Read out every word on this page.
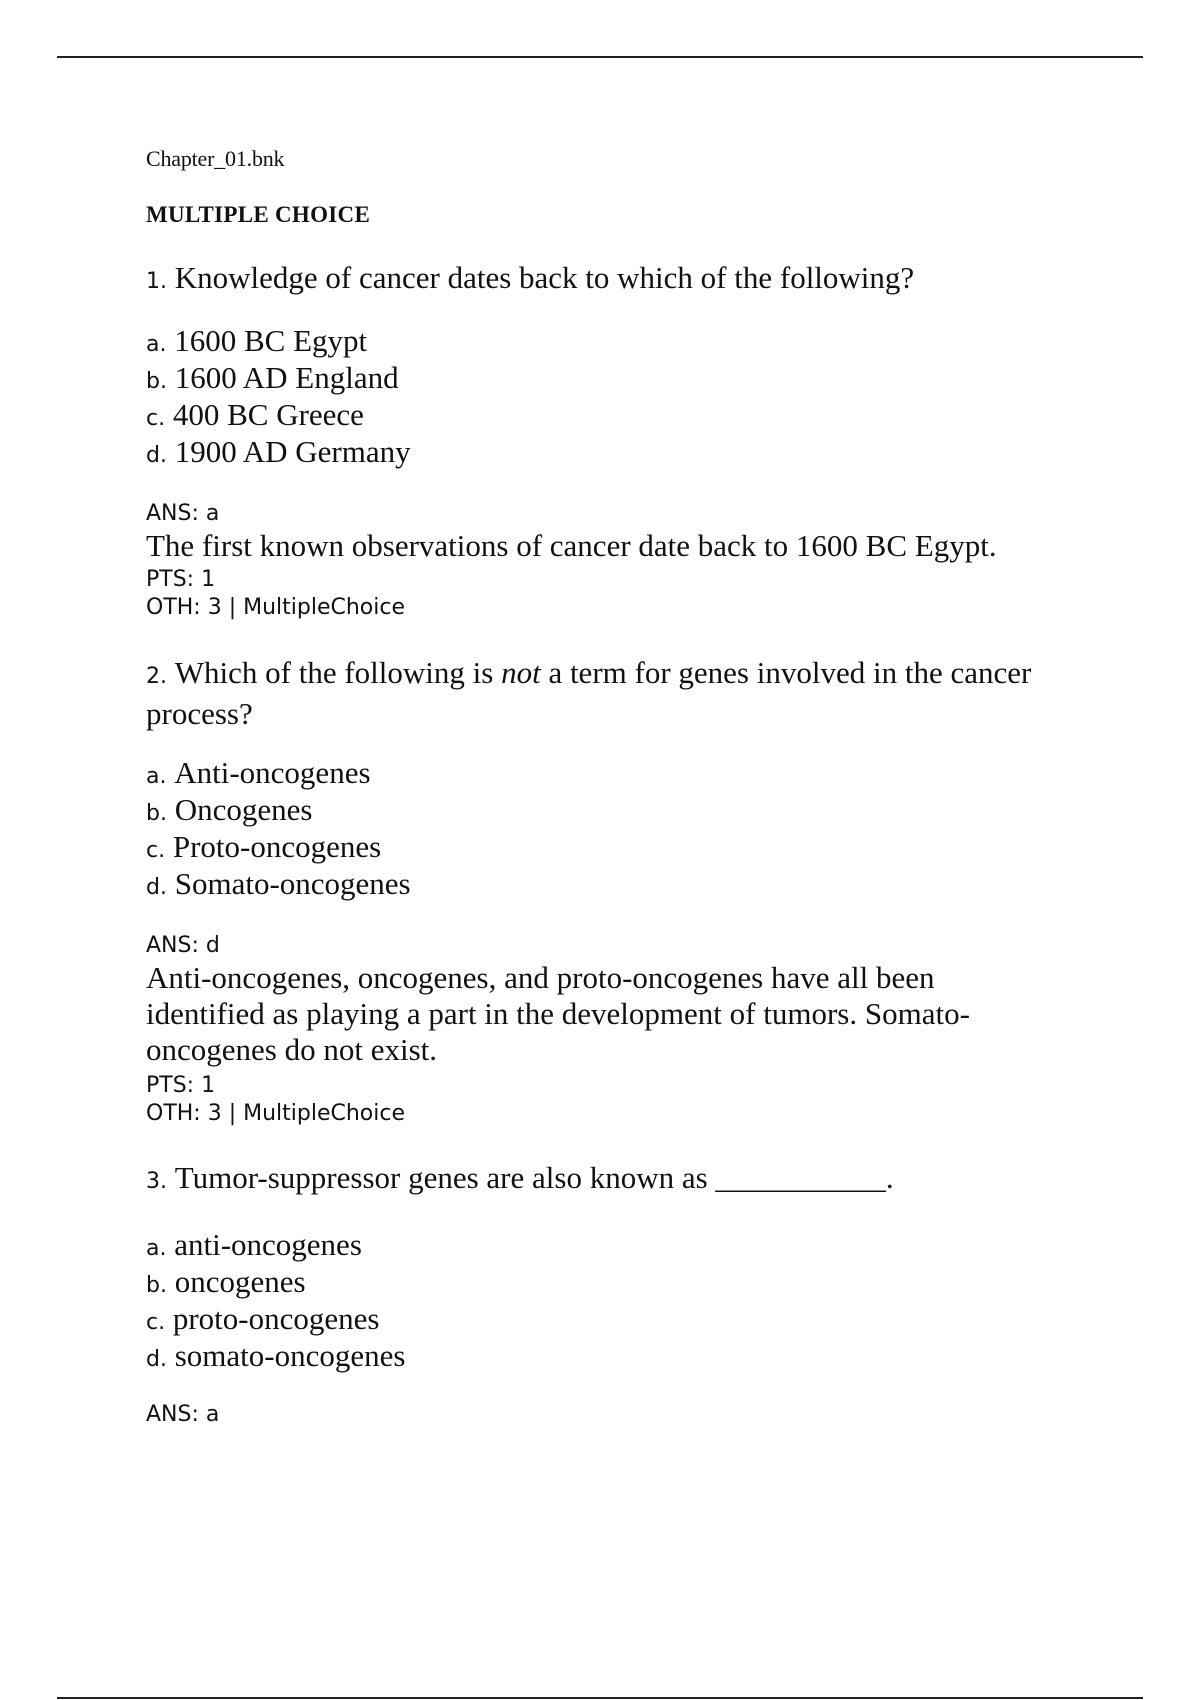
Chapter_01.bnk
MULTIPLE CHOICE
1. Knowledge of cancer dates back to which of the following?
a. 1600 BC Egypt
b. 1600 AD England
c. 400 BC Greece
d. 1900 AD Germany
ANS: a
The first known observations of cancer date back to 1600 BC Egypt.
PTS: 1
OTH: 3 | MultipleChoice
2. Which of the following is not a term for genes involved in the cancer process?
a. Anti-oncogenes
b. Oncogenes
c. Proto-oncogenes
d. Somato-oncogenes
ANS: d
Anti-oncogenes, oncogenes, and proto-oncogenes have all been identified as playing a part in the development of tumors. Somato-oncogenes do not exist.
PTS: 1
OTH: 3 | MultipleChoice
3. Tumor-suppressor genes are also known as ___________.
a. anti-oncogenes
b. oncogenes
c. proto-oncogenes
d. somato-oncogenes
ANS: a
